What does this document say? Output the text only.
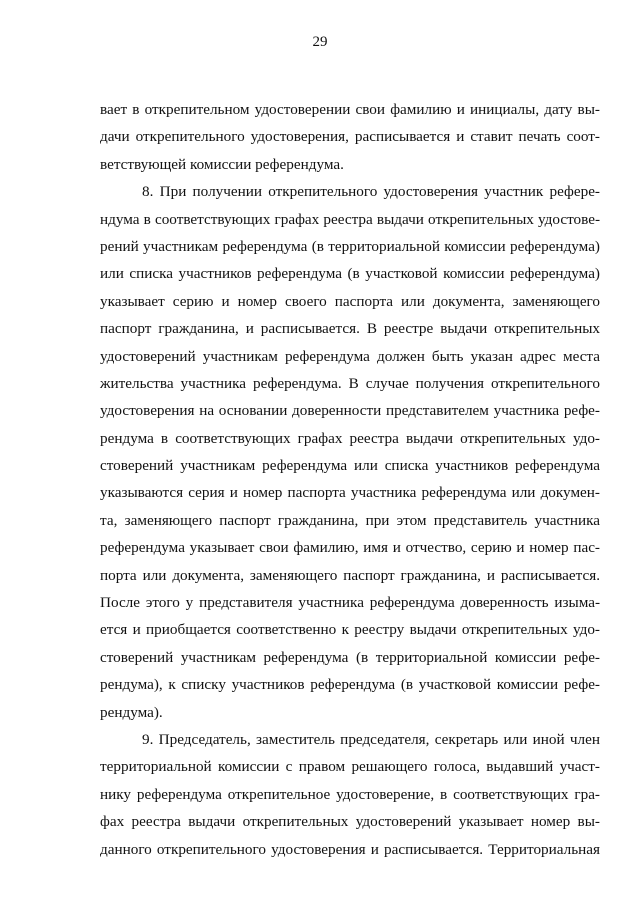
29
вает в открепительном удостоверении свои фамилию и инициалы, дату вы-
дачи открепительного удостоверения, расписывается и ставит печать соот-
ветствующей комиссии референдума.
8. При получении открепительного удостоверения участник рефере-
ндума в соответствующих графах реестра выдачи открепительных удостове-
рений участникам референдума (в территориальной комиссии референдума)
или списка участников референдума (в участковой комиссии референдума)
указывает серию и номер своего паспорта или документа, заменяющего
паспорт гражданина, и расписывается. В реестре выдачи открепительных
удостоверений участникам референдума должен быть указан адрес места
жительства участника референдума. В случае получения открепительного
удостоверения на основании доверенности представителем участника рефе-
рендума в соответствующих графах реестра выдачи открепительных удо-
стоверений участникам референдума или списка участников референдума
указываются серия и номер паспорта участника референдума или докумен-
та, заменяющего паспорт гражданина, при этом представитель участника
референдума указывает свои фамилию, имя и отчество, серию и номер пас-
порта или документа, заменяющего паспорт гражданина, и расписывается.
После этого у представителя участника референдума доверенность изыма-
ется и приобщается соответственно к реестру выдачи открепительных удо-
стоверений участникам референдума (в территориальной комиссии рефе-
рендума), к списку участников референдума (в участковой комиссии рефе-
рендума).
9. Председатель, заместитель председателя, секретарь или иной член
территориальной комиссии с правом решающего голоса, выдавший участ-
нику референдума открепительное удостоверение, в соответствующих гра-
фах реестра выдачи открепительных удостоверений указывает номер вы-
данного открепительного удостоверения и расписывается. Территориальная
